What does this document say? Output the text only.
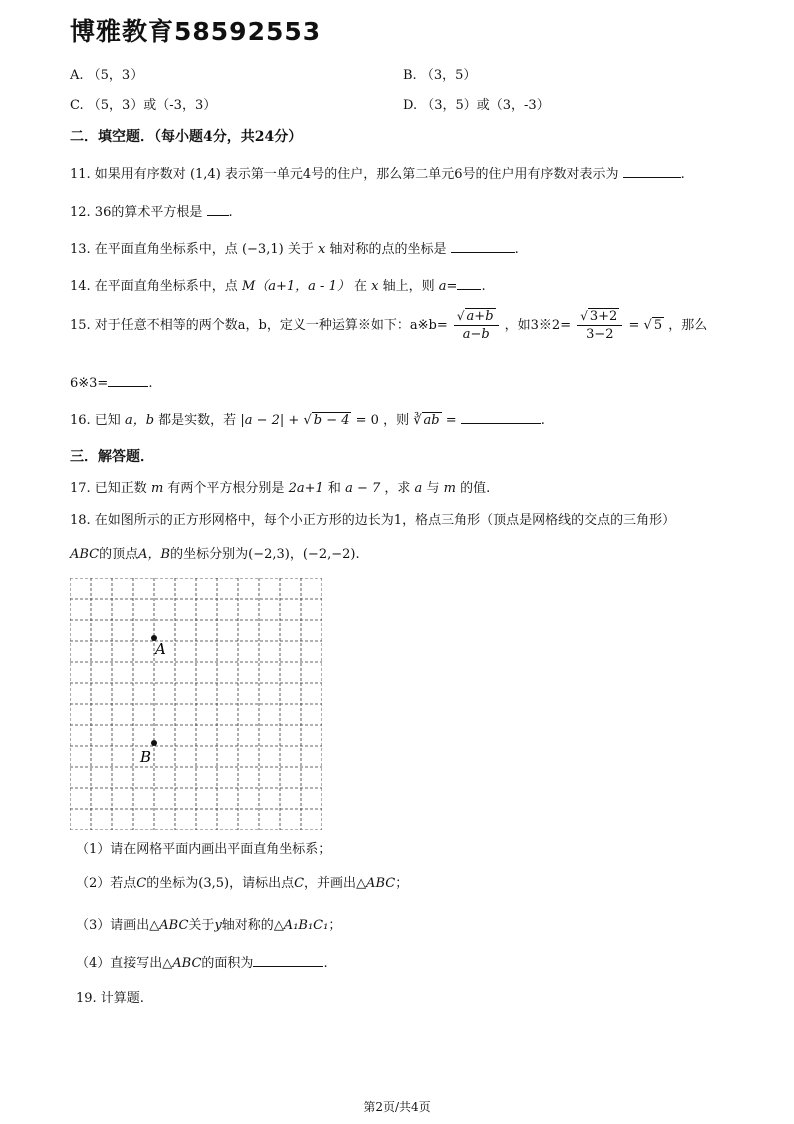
博雅教育58592553
A. （5，3）	B. （3，5）
C. （5，3）或（-3，3）	D. （3，5）或（3，-3）
二．填空题．（每小题4分，共24分）
11. 如果用有序数对 (1,4) 表示第一单元4号的住户，那么第二单元6号的住户用有序数对表示为	.
12. 36的算术平方根是 .
13. 在平面直角坐标系中，点 (−3,1) 关于 x 轴对称的点的坐标是	.
14. 在平面直角坐标系中，点 M（a+1，a - 1） 在 x 轴上，则 a= .
15. 对于任意不相等的两个数a，b，定义一种运算※如下：a※b= $\frac{√ a+b}{a-b}$ ，如3※2= $\frac{√ 3+2}{3-2}$ = √ 5 ，那么
6※3=	.
16. 已知 a，b 都是实数，若 |a − 2| + √ b − 4 = 0 ，则 ∛ ab =	.
三．解答题．
17. 已知正数 m 有两个平方根分别是 2a+1 和 a − 7 ，求 a 与 m 的值.
18. 在如图所示的正方形网格中，每个小正方形的边长为1，格点三角形（顶点是网格线的交点的三角形）
ABC的顶点A，B的坐标分别为(−2,3)，(−2,−2).
A
B
（1）请在网格平面内画出平面直角坐标系；
（2）若点C的坐标为(3,5)，请标出点C，并画出△ABC；
（3）请画出△ABC关于y轴对称的△A₁B₁C₁；
（4）直接写出△ABC的面积为	.
19. 计算题.
第2页/共4页
